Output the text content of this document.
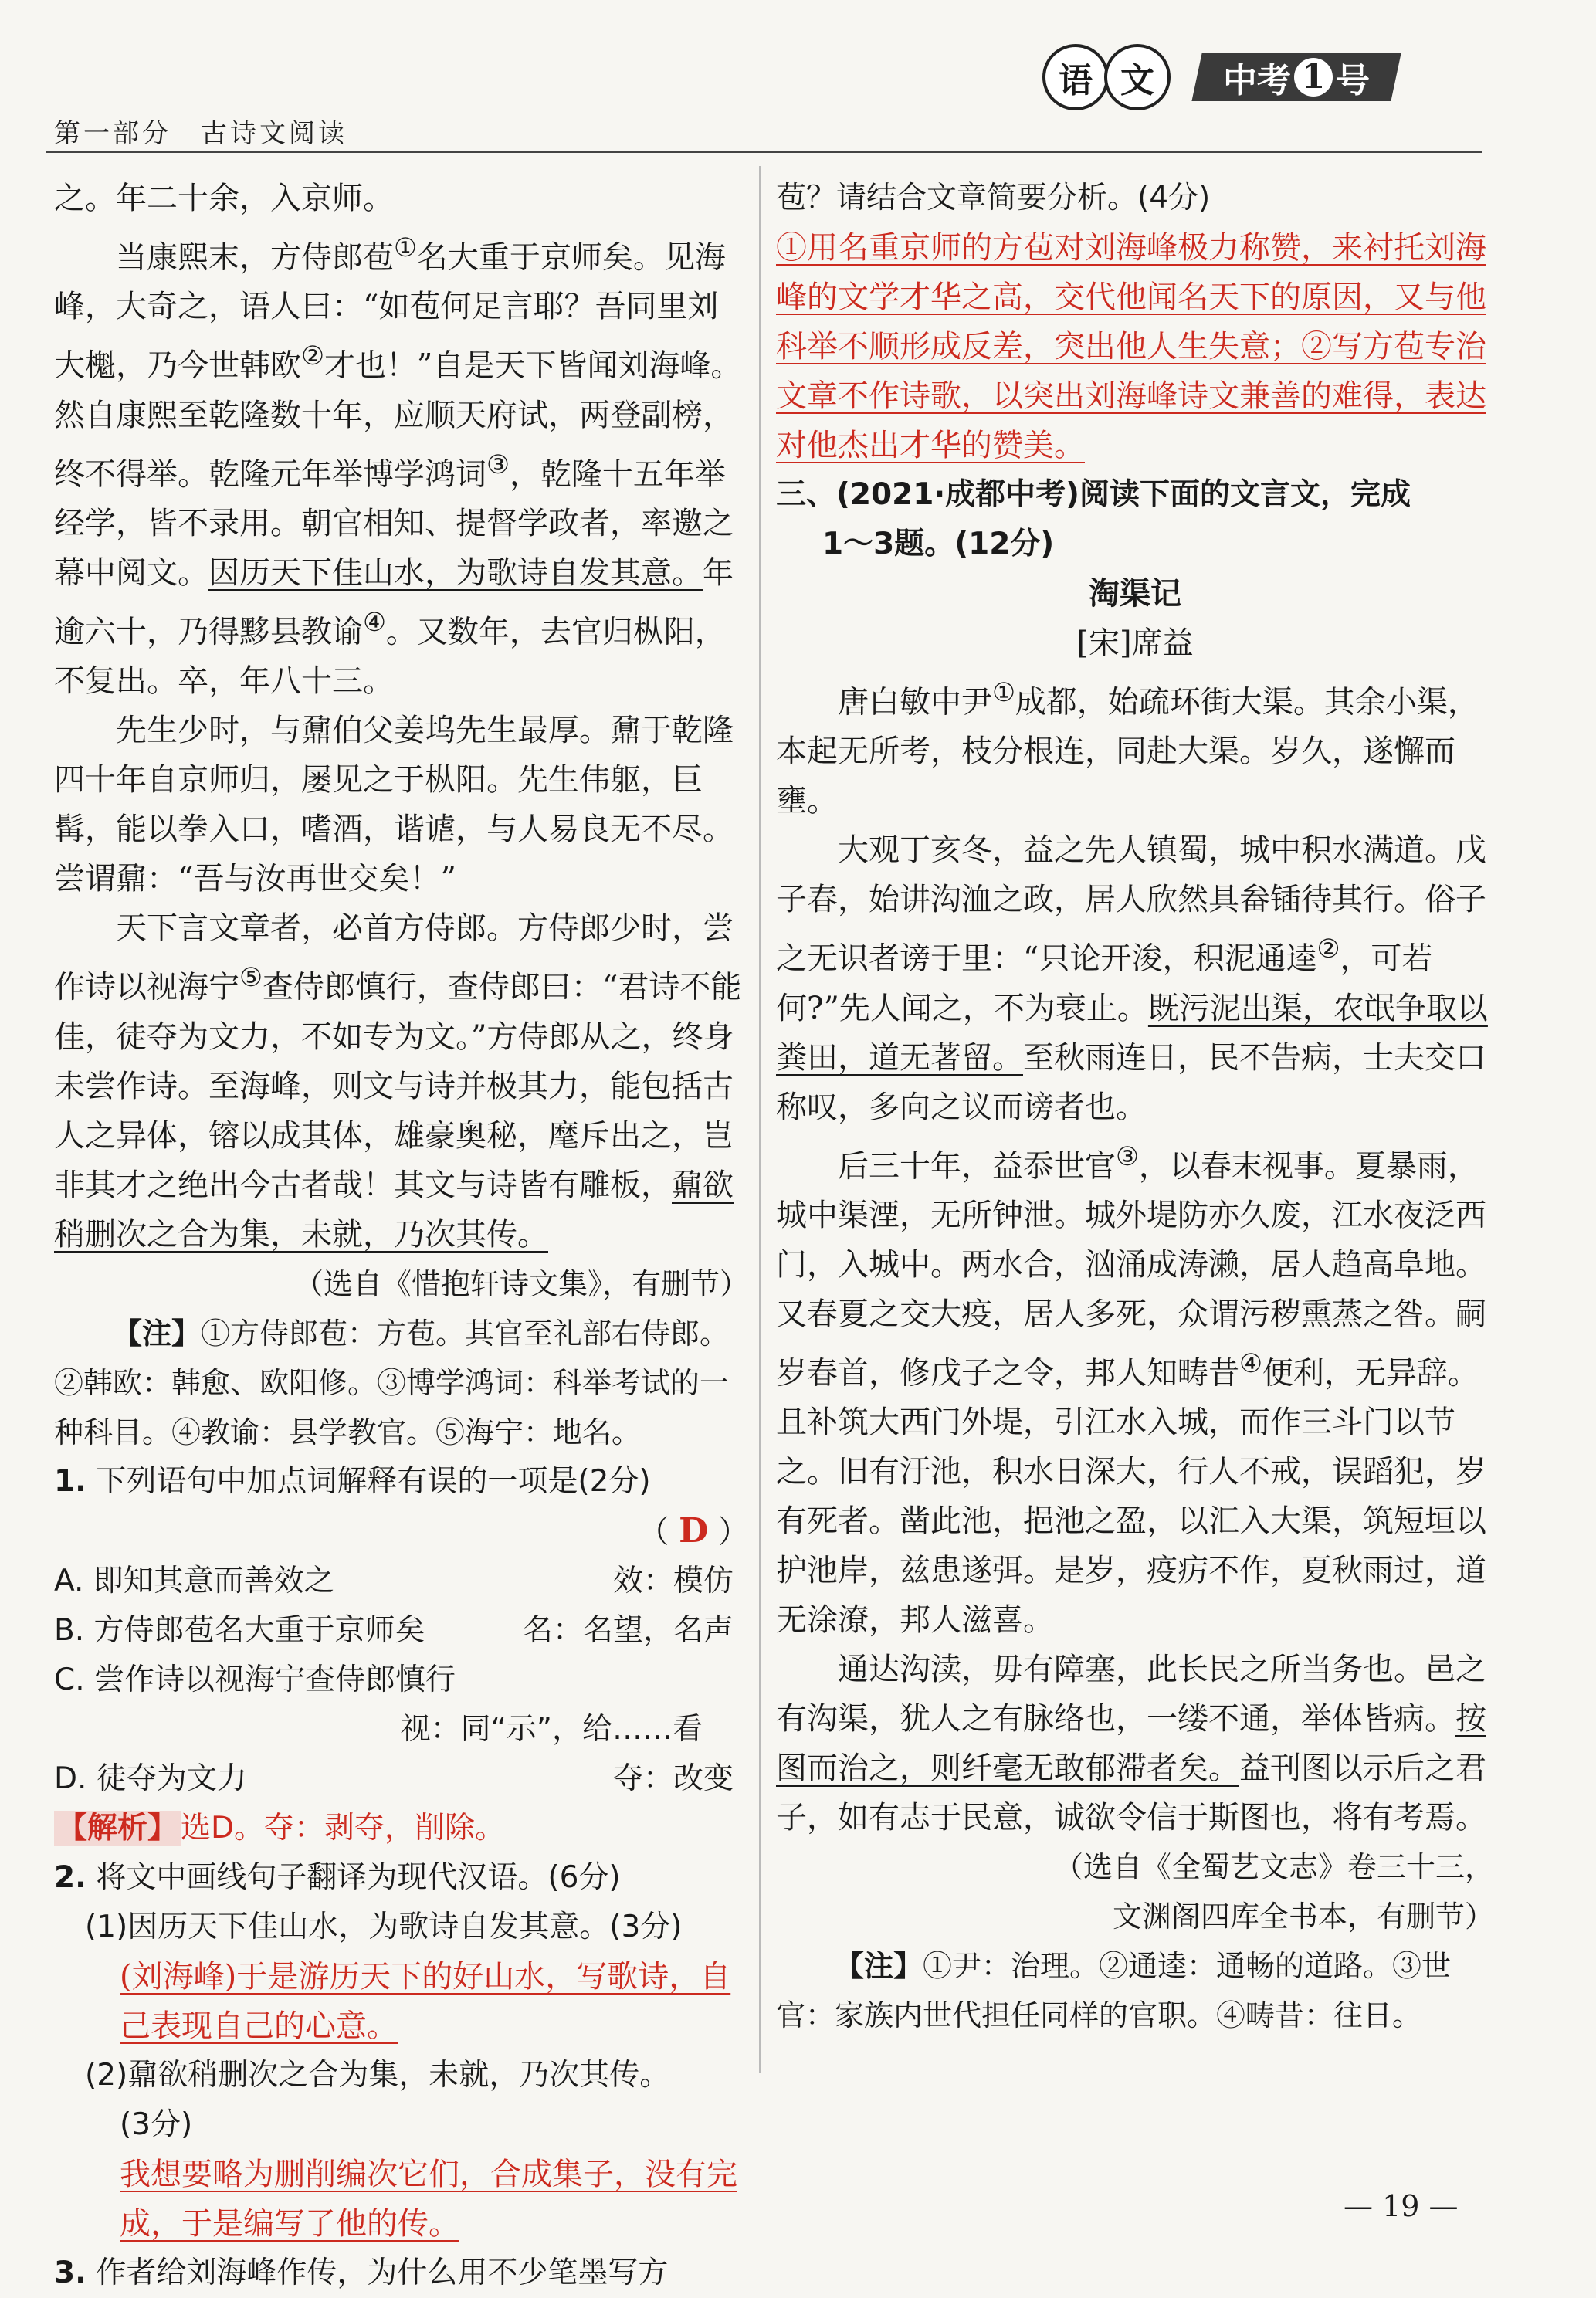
第一部分　古诗文阅读
语 文	中考 1 号

之。年二十余，入京师。

当康熙末，方侍郎苞①名大重于京师矣。见海峰，大奇之，语人曰：“如苞何足言耶？吾同里刘大櫆，乃今世韩欧②才也！”自是天下皆闻刘海峰。然自康熙至乾隆数十年，应顺天府试，两登副榜，终不得举。乾隆元年举博学鸿词③，乾隆十五年举经学，皆不录用。朝官相知、提督学政者，率邀之幕中阅文。因历天下佳山水，为歌诗自发其意。年逾六十，乃得黟县教谕④。又数年，去官归枞阳，不复出。卒，年八十三。

先生少时，与鼐伯父姜坞先生最厚。鼐于乾隆四十年自京师归，屡见之于枞阳。先生伟躯，巨髯，能以拳入口，嗜酒，谐谑，与人易良无不尽。尝谓鼐：“吾与汝再世交矣！”

天下言文章者，必首方侍郎。方侍郎少时，尝作诗以视海宁⑤查侍郎慎行，查侍郎曰：“君诗不能佳，徒夺为文力，不如专为文。”方侍郎从之，终身未尝作诗。至海峰，则文与诗并极其力，能包括古人之异体，镕以成其体，雄豪奥秘，麾斥出之，岂非其才之绝出今古者哉！其文与诗皆有雕板，鼐欲稍删次之合为集，未就，乃次其传。

（选自《惜抱轩诗文集》，有删节）

【注】①方侍郎苞：方苞。其官至礼部右侍郎。②韩欧：韩愈、欧阳修。③博学鸿词：科举考试的一种科目。④教谕：县学教官。⑤海宁：地名。

1. 下列语句中加点词解释有误的一项是(2分)

（ D ）

A. 即知其意而善效之	效：模仿
B. 方侍郎苞名大重于京师矣	名：名望，名声
C. 尝作诗以视海宁查侍郎慎行
视：同“示”，给……看
D. 徒夺为文力	夺：改变

【解析】 选D。夺：剥夺，削除。

2. 将文中画线句子翻译为现代汉语。(6分)

(1)因历天下佳山水，为歌诗自发其意。(3分)

(刘海峰)于是游历天下的好山水，写歌诗，自己表现自己的心意。

(2)鼐欲稍删次之合为集，未就，乃次其传。

(3分)

我想要略为删削编次它们，合成集子，没有完成，于是编写了他的传。

3. 作者给刘海峰作传，为什么用不少笔墨写方

苞？请结合文章简要分析。(4分)

①用名重京师的方苞对刘海峰极力称赞，来衬托刘海峰的文学才华之高，交代他闻名天下的原因，又与他科举不顺形成反差，突出他人生失意；②写方苞专治文章不作诗歌，以突出刘海峰诗文兼善的难得，表达对他杰出才华的赞美。

三、(2021·成都中考)阅读下面的文言文，完成

1～3题。(12分)

淘渠记

[宋]席益

唐白敏中尹①成都，始疏环街大渠。其余小渠，本起无所考，枝分根连，同赴大渠。岁久，遂懈而壅。

大观丁亥冬，益之先人镇蜀，城中积水满道。戊子春，始讲沟洫之政，居人欣然具畚锸待其行。俗子之无识者谤于里：“只论开浚，积泥通逵②，可若何?”先人闻之，不为衰止。既污泥出渠，农氓争取以粪田，道无著留。至秋雨连日，民不告病，士夫交口称叹，多向之议而谤者也。

后三十年，益忝世官③，以春末视事。夏暴雨，城中渠湮，无所钟泄。城外堤防亦久废，江水夜泛西门，入城中。两水合，汹涌成涛濑，居人趋高阜地。又春夏之交大疫，居人多死，众谓污秽熏蒸之咎。嗣岁春首，修戊子之令，邦人知畴昔④便利，无异辞。且补筑大西门外堤，引江水入城，而作三斗门以节之。旧有汙池，积水日深大，行人不戒，误蹈犯，岁有死者。凿此池，挹池之盈，以汇入大渠，筑短垣以护池岸，兹患遂弭。是岁，疫疠不作，夏秋雨过，道无涂潦，邦人滋喜。

通达沟渎，毋有障塞，此长民之所当务也。邑之有沟渠，犹人之有脉络也，一缕不通，举体皆病。按图而治之，则纤毫无敢郁滞者矣。益刊图以示后之君子，如有志于民意，诚欲令信于斯图也，将有考焉。

（选自《全蜀艺文志》卷三十三，

文渊阁四库全书本，有删节）

【注】①尹：治理。②通逵：通畅的道路。③世官：家族内世代担任同样的官职。④畴昔：往日。

— 19 —
